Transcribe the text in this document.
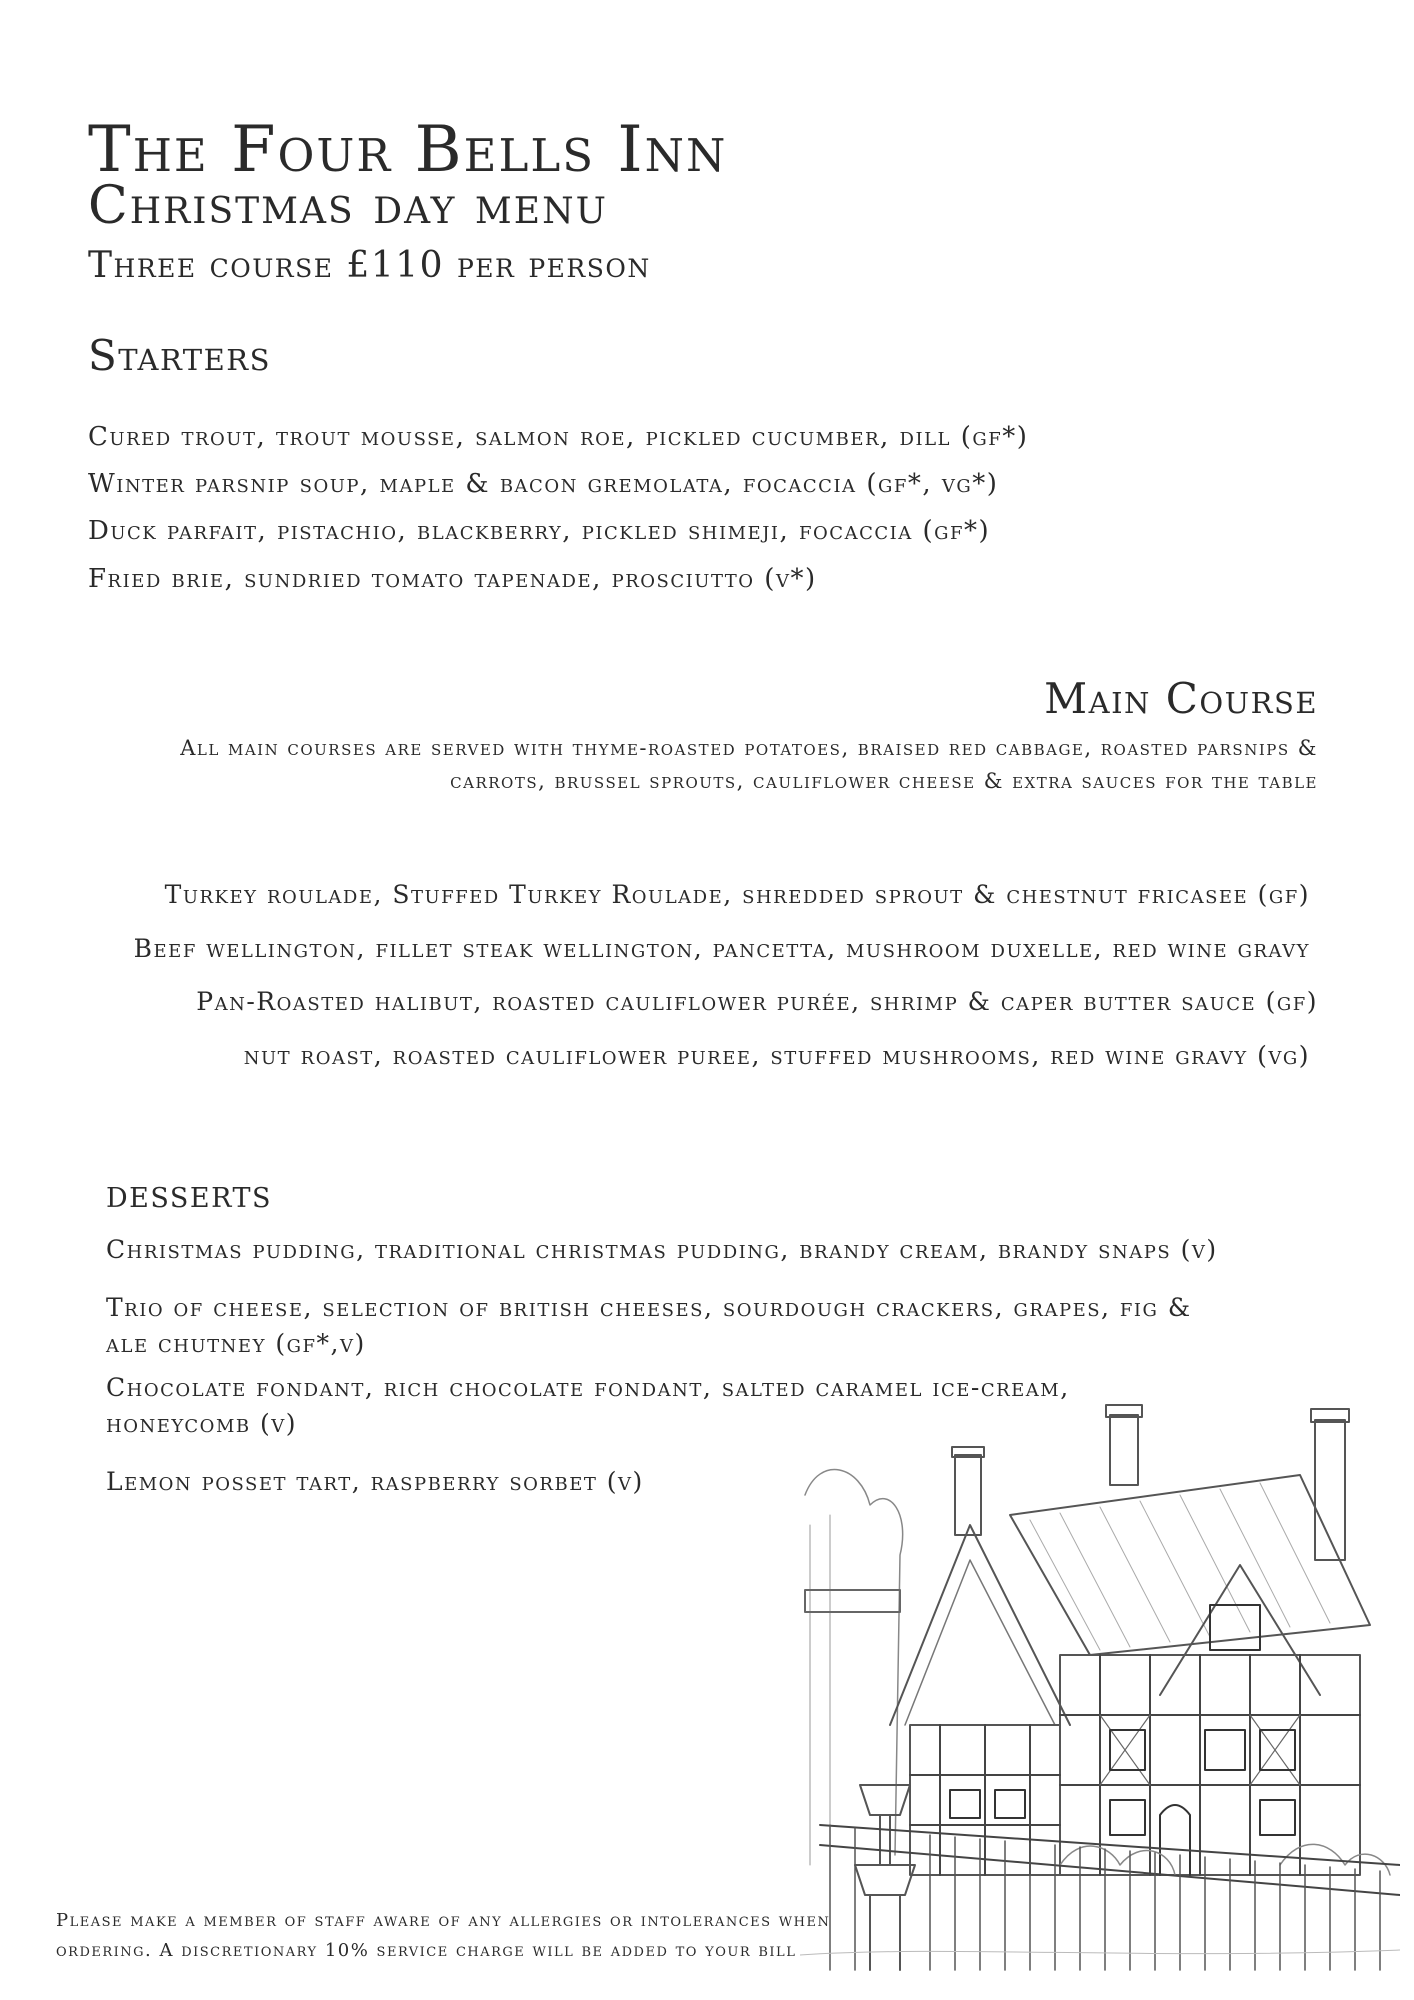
The Four Bells Inn
Christmas day menu
Three course £110 per person
Starters
Cured trout, trout mousse, salmon roe, pickled cucumber, dill (gf*)
Winter parsnip soup, maple & bacon gremolata, focaccia (gf*, vg*)
Duck parfait, pistachio, blackberry, pickled shimeji, focaccia (gf*)
Fried brie, sundried tomato tapenade, prosciutto (v*)
Main Course
All main courses are served with thyme-roasted potatoes, braised red cabbage, roasted parsnips & carrots, brussel sprouts, cauliflower cheese & extra sauces for the table
Turkey roulade, Stuffed Turkey Roulade, shredded sprout & chestnut fricasee (gf)
Beef wellington, fillet steak wellington, pancetta, mushroom duxelle, red wine gravy
Pan-Roasted halibut, roasted cauliflower purée, shrimp & caper butter sauce (gf)
nut roast, roasted cauliflower puree, stuffed mushrooms, red wine gravy (vg)
desserts
Christmas pudding, traditional christmas pudding, brandy cream, brandy snaps (v)
Trio of cheese, selection of british cheeses, sourdough crackers, grapes, fig & ale chutney (gf*,v)
Chocolate fondant, rich chocolate fondant, salted caramel ice-cream, honeycomb (v)
Lemon posset tart, raspberry sorbet (v)
Please make a member of staff aware of any allergies or intolerances when ordering. A discretionary 10% service charge will be added to your bill
